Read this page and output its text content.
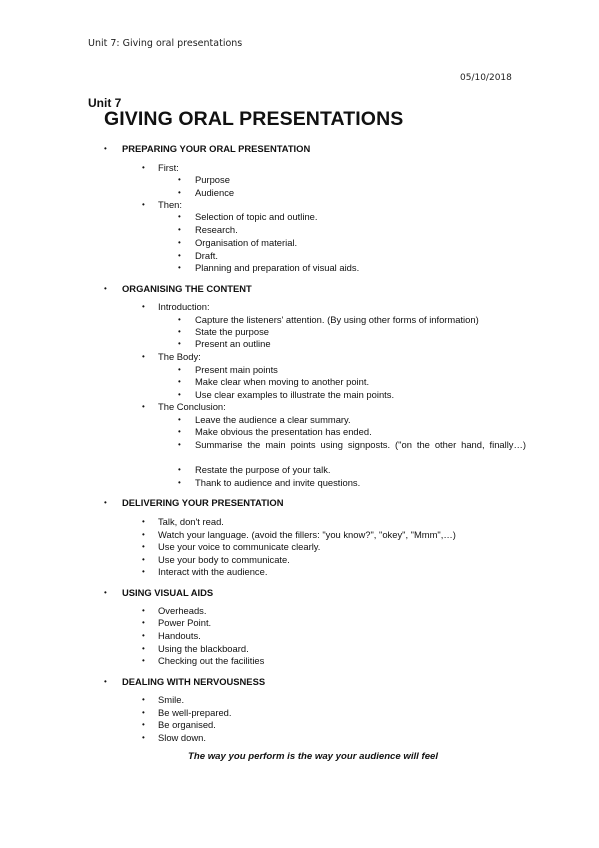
Unit 7: Giving oral presentations
05/10/2018
Unit 7
GIVING ORAL PRESENTATIONS
• PREPARING YOUR ORAL PRESENTATION
• First:
• Purpose
• Audience
• Then:
• Selection of topic and outline.
• Research.
• Organisation of material.
• Draft.
• Planning and preparation of visual aids.
• ORGANISING THE CONTENT
• Introduction:
• Capture the listeners' attention. (By using other forms of information)
• State the purpose
• Present an outline
• The Body:
• Present main points
• Make clear when moving to another point.
• Use clear examples to illustrate the main points.
• The Conclusion:
• Leave the audience a clear summary.
• Make obvious the presentation has ended.
• Summarise the main points using signposts. ("on the other hand, finally…)
• Restate the purpose of your talk.
• Thank to audience and invite questions.
• DELIVERING YOUR PRESENTATION
• Talk, don't read.
• Watch your language. (avoid the fillers: "you know?", "okey", "Mmm",…)
• Use your voice to communicate clearly.
• Use your body to communicate.
• Interact with the audience.
• USING VISUAL AIDS
• Overheads.
• Power Point.
• Handouts.
• Using the blackboard.
• Checking out the facilities
• DEALING WITH NERVOUSNESS
• Smile.
• Be well-prepared.
• Be organised.
• Slow down.
The way you perform is the way your audience will feel
